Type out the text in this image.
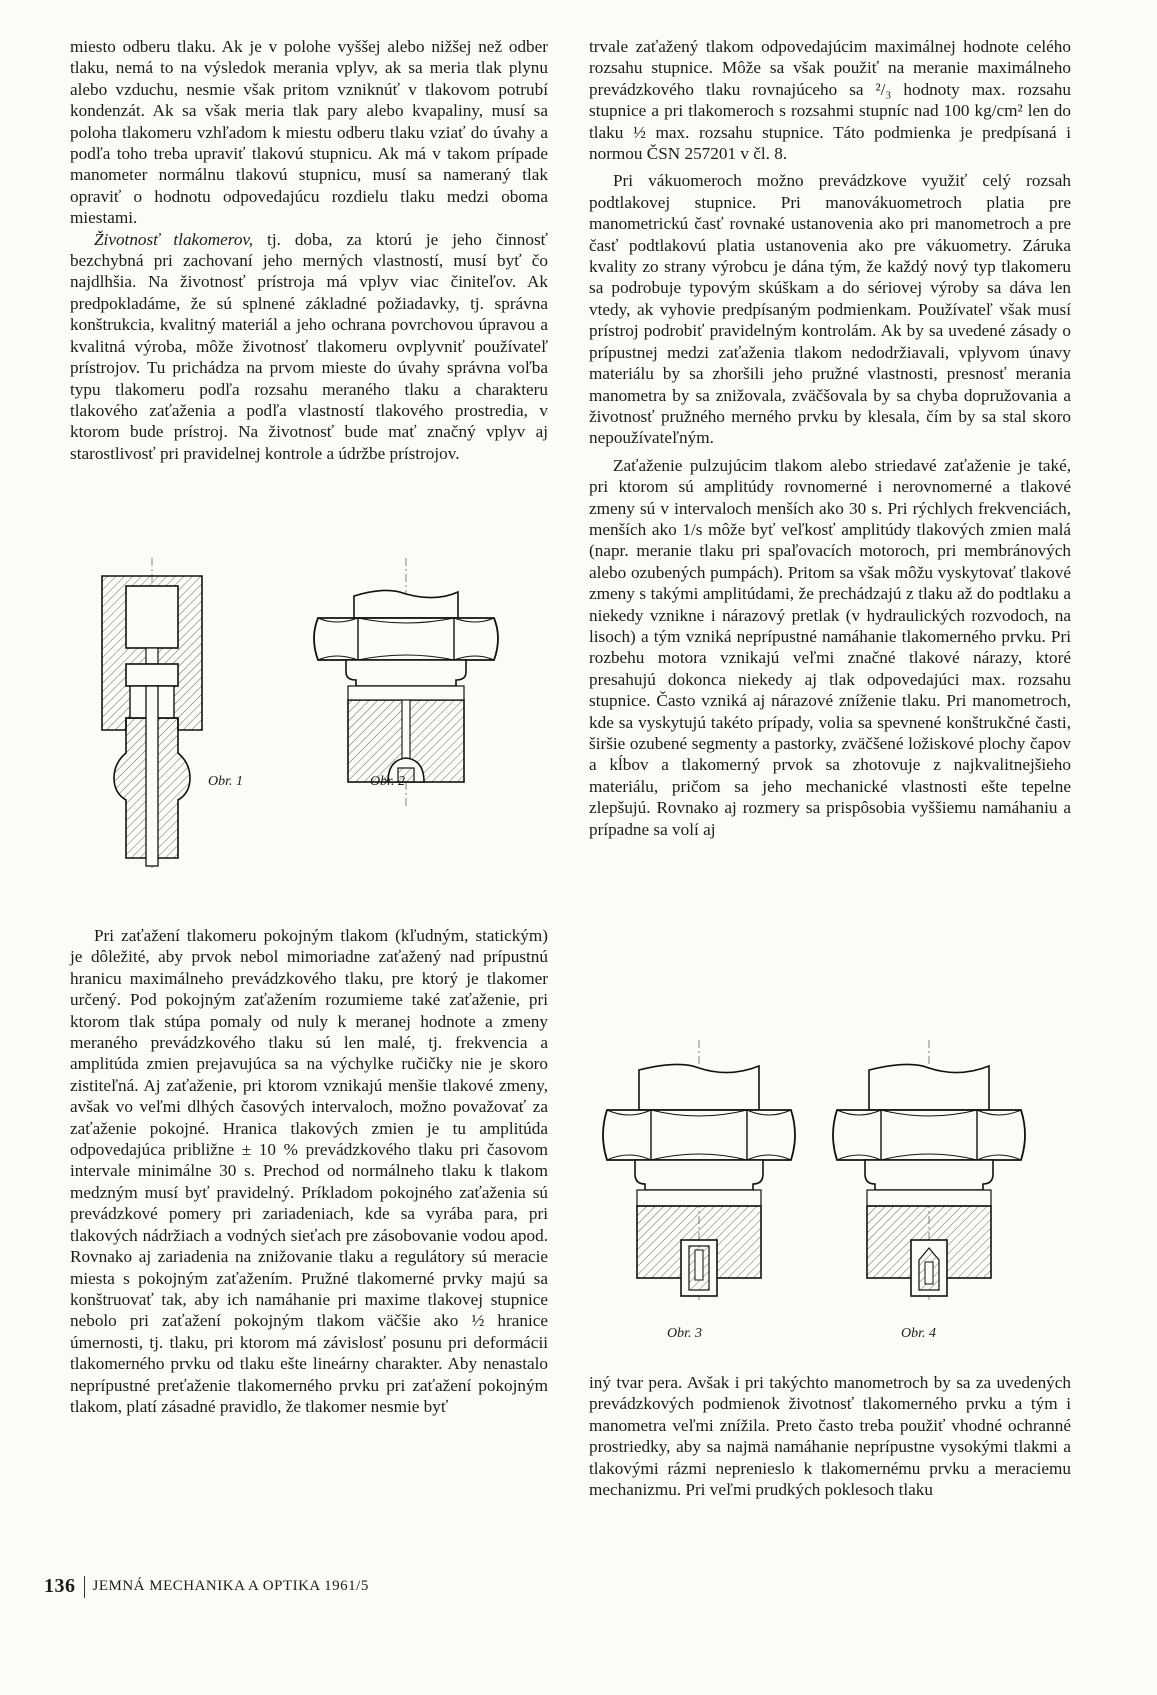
miesto odberu tlaku. Ak je v polohe vyššej alebo nižšej než odber tlaku, nemá to na výsledok merania vplyv, ak sa meria tlak plynu alebo vzduchu, nesmie však pritom vzniknúť v tlakovom potrubí kondenzát. Ak sa však meria tlak pary alebo kvapaliny, musí sa poloha tlakomeru vzhľadom k miestu odberu tlaku vziať do úvahy a podľa toho treba upraviť tlakovú stupnicu. Ak má v takom prípade manometer normálnu tlakovú stupnicu, musí sa nameraný tlak opraviť o hodnotu odpovedajúcu rozdielu tlaku medzi oboma miestami.

Životnosť tlakomerov, tj. doba, za ktorú je jeho činnosť bezchybná pri zachovaní jeho merných vlastností, musí byť čo najdlhšia. Na životnosť prístroja má vplyv viac činiteľov. Ak predpokladáme, že sú splnené základné požiadavky, tj. správna konštrukcia, kvalitný materiál a jeho ochrana povrchovou úpravou a kvalitná výroba, môže životnosť tlakomeru ovplyvniť používateľ prístrojov. Tu prichádza na prvom mieste do úvahy správna voľba typu tlakomeru podľa rozsahu meraného tlaku a charakteru tlakového zaťaženia a podľa vlastností tlakového prostredia, v ktorom bude prístroj. Na životnosť bude mať značný vplyv aj starostlivosť pri pravidelnej kontrole a údržbe prístrojov.

Obr. 1	Obr. 2

Pri zaťažení tlakomeru pokojným tlakom (kľudným, statickým) je dôležité, aby prvok nebol mimoriadne zaťažený nad prípustnú hranicu maximálneho prevádzkového tlaku, pre ktorý je tlakomer určený. Pod pokojným zaťažením rozumieme také zaťaženie, pri ktorom tlak stúpa pomaly od nuly k meranej hodnote a zmeny meraného prevádzkového tlaku sú len malé, tj. frekvencia a amplitúda zmien prejavujúca sa na výchylke ručičky nie je skoro zistiteľná. Aj zaťaženie, pri ktorom vznikajú menšie tlakové zmeny, avšak vo veľmi dlhých časových intervaloch, možno považovať za zaťaženie pokojné. Hranica tlakových zmien je tu amplitúda odpovedajúca približne ± 10 % prevádzkového tlaku pri časovom intervale minimálne 30 s. Prechod od normálneho tlaku k tlakom medzným musí byť pravidelný. Príkladom pokojného zaťaženia sú prevádzkové pomery pri zariadeniach, kde sa vyrába para, pri tlakových nádržiach a vodných sieťach pre zásobovanie vodou apod. Rovnako aj zariadenia na znižovanie tlaku a regulátory sú meracie miesta s pokojným zaťažením. Pružné tlakomerné prvky majú sa konštruovať tak, aby ich namáhanie pri maxime tlakovej stupnice nebolo pri zaťažení pokojným tlakom väčšie ako ½ hranice úmernosti, tj. tlaku, pri ktorom má závislosť posunu pri deformácii tlakomerného prvku od tlaku ešte lineárny charakter. Aby nenastalo neprípustné preťaženie tlakomerného prvku pri zaťažení pokojným tlakom, platí zásadné pravidlo, že tlakomer nesmie byť

trvale zaťažený tlakom odpovedajúcim maximálnej hodnote celého rozsahu stupnice. Môže sa však použiť na meranie maximálneho prevádzkového tlaku rovnajúceho sa ²/₃ hodnoty max. rozsahu stupnice a pri tlakomeroch s rozsahmi stupníc nad 100 kg/cm² len do tlaku ½ max. rozsahu stupnice. Táto podmienka je predpísaná i normou ČSN 257201 v čl. 8.

Pri vákuomeroch možno prevádzkove využiť celý rozsah podtlakovej stupnice. Pri manovákuometroch platia pre manometrickú časť rovnaké ustanovenia ako pri manometroch a pre časť podtlakovú platia ustanovenia ako pre vákuometry. Záruka kvality zo strany výrobcu je dána tým, že každý nový typ tlakomeru sa podrobuje typovým skúškam a do sériovej výroby sa dáva len vtedy, ak vyhovie predpísaným podmienkam. Používateľ však musí prístroj podrobiť pravidelným kontrolám. Ak by sa uvedené zásady o prípustnej medzi zaťaženia tlakom nedodržiavali, vplyvom únavy materiálu by sa zhoršili jeho pružné vlastnosti, presnosť merania manometra by sa znižovala, zväčšovala by sa chyba dopružovania a životnosť pružného merného prvku by klesala, čím by sa stal skoro nepoužívateľným.

Zaťaženie pulzujúcim tlakom alebo striedavé zaťaženie je také, pri ktorom sú amplitúdy rovnomerné i nerovnomerné a tlakové zmeny sú v intervaloch menších ako 30 s. Pri rýchlych frekvenciách, menších ako 1/s môže byť veľkosť amplitúdy tlakových zmien malá (napr. meranie tlaku pri spaľovacích motoroch, pri membránových alebo ozubených pumpách). Pritom sa však môžu vyskytovať tlakové zmeny s takými amplitúdami, že prechádzajú z tlaku až do podtlaku a niekedy vznikne i nárazový pretlak (v hydraulických rozvodoch, na lisoch) a tým vzniká neprípustné namáhanie tlakomerného prvku. Pri rozbehu motora vznikajú veľmi značné tlakové nárazy, ktoré presahujú dokonca niekedy aj tlak odpovedajúci max. rozsahu stupnice. Často vzniká aj nárazové zníženie tlaku. Pri manometroch, kde sa vyskytujú takéto prípady, volia sa spevnené konštrukčné časti, širšie ozubené segmenty a pastorky, zväčšené ložiskové plochy čapov a kĺbov a tlakomerný prvok sa zhotovuje z najkvalitnejšieho materiálu, pričom sa jeho mechanické vlastnosti ešte tepelne zlepšujú. Rovnako aj rozmery sa prispôsobia vyššiemu namáhaniu a prípadne sa volí aj

Obr. 3	Obr. 4

iný tvar pera. Avšak i pri takýchto manometroch by sa za uvedených prevádzkových podmienok životnosť tlakomerného prvku a tým i manometra veľmi znížila. Preto často treba použiť vhodné ochranné prostriedky, aby sa najmä namáhanie neprípustne vysokými tlakmi a tlakovými rázmi neprenieslo k tlakomernému prvku a meraciemu mechanizmu. Pri veľmi prudkých poklesoch tlaku

136 JEMNÁ MECHANIKA A OPTIKA 1961/5
